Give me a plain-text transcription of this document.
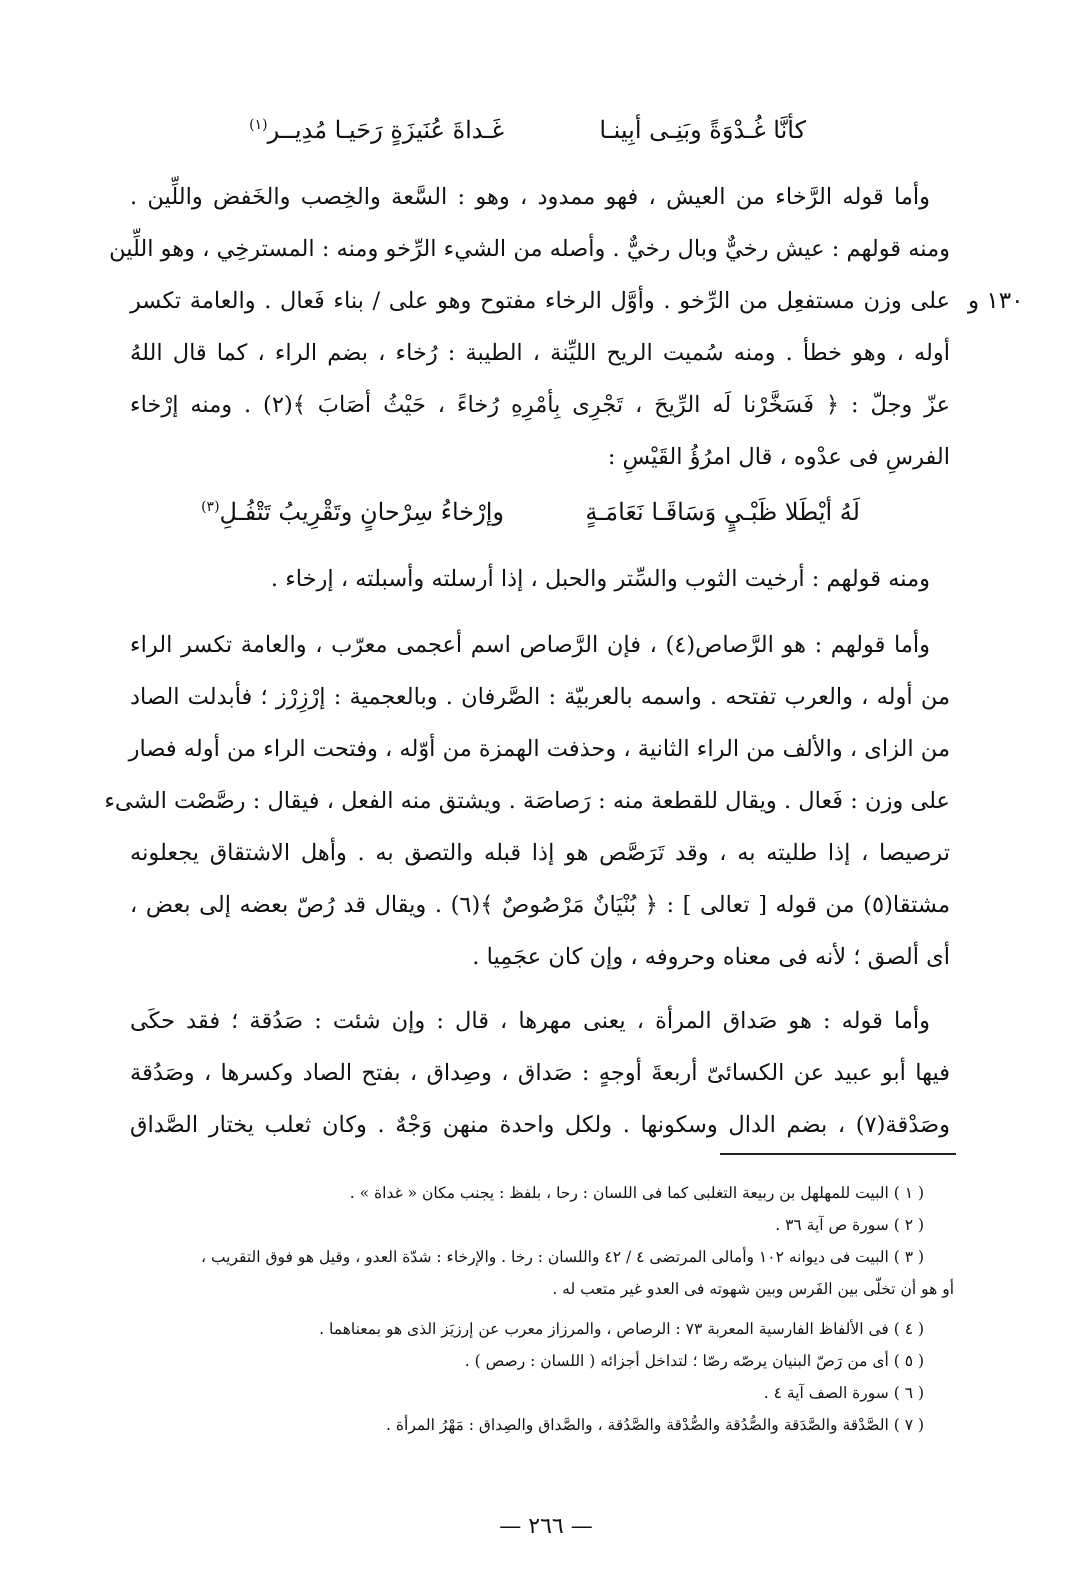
كأنَّا غُـدْوَةً وبَنِـى أبِينـا
غَـداةَ عُنَيزَةٍ رَحَيـا مُدِيــر$^{(١)}$
١٣٠ و
وأما قوله الرَّخاء من العيش ، فهو ممدود ، وهو : السَّعة والخِصب والخَفض واللِّين .
ومنه قولهم : عيش رخيٌّ وبال رخيٌّ . وأصله من الشيء الرِّخو ومنه : المسترخِي ، وهو اللِّين
على وزن مستفعِل من الرِّخو . وأوَّل الرخاء مفتوح وهو على / بناء فَعال . والعامة تكسر
أوله ، وهو خطأ . ومنه سُميت الريح الليِّنة ، الطيبة : رُخاء ، بضم الراء ، كما قال اللهُ
عزّ وجلّ : ﴿ فَسَخَّرْنا لَه الرِّيحَ ، تَجْرِى بِأمْرِهِ رُخاءً ، حَيْثُ أصَابَ ﴾(٢) . ومنه إرْخاء
الفرسِ فى عدْوه ، قال امرُؤُ القَيْسِ :
لَهُ أيْطَلا ظَبْـيٍ وَسَاقَـا نَعَامَـةٍ
وإرْخاءُ سِرْحانٍ وتَقْرِيبُ تَتْفُـلِ$^{(٣)}$
ومنه قولهم : أرخيت الثوب والسِّتر والحبل ، إذا أرسلته وأسبلته ، إرخاء .
وأما قولهم : هو الرَّصاص(٤) ، فإن الرَّصاص اسم أعجمى معرّب ، والعامة تكسر الراء
من أوله ، والعرب تفتحه . واسمه بالعربيّة : الصَّرفان . وبالعجمية : إرْزِرْز ؛ فأبدلت الصاد
من الزاى ، والألف من الراء الثانية ، وحذفت الهمزة من أوّله ، وفتحت الراء من أوله فصار
على وزن : فَعال . ويقال للقطعة منه : رَصاصَة . ويشتق منه الفعل ، فيقال : رصَّصْت الشىء
ترصيصا ، إذا طليته به ، وقد تَرَصَّص هو إذا قبله والتصق به . وأهل الاشتقاق يجعلونه
مشتقا(٥) من قوله [ تعالى ] : ﴿ بُنْيَانٌ مَرْصُوصٌ ﴾(٦) . ويقال قد رُصّ بعضه إلى بعض ،
أى ألصق ؛ لأنه فى معناه وحروفه ، وإن كان عجَمِيا .
وأما قوله : هو صَداق المرأة ، يعنى مهرها ، قال : وإن شئت : صَدُقة ؛ فقد حكَى
فيها أبو عبيد عن الكسائىّ أربعةَ أوجهٍ : صَداق ، وصِداق ، بفتح الصاد وكسرها ، وصَدُقة
وصَدْقة(٧) ، بضم الدال وسكونها . ولكل واحدة منهن وَجْهٌ . وكان ثعلب يختار الصَّداق
( ١ ) البيت للمهلهل بن ربيعة التغلبى كما فى اللسان : رحا ، بلفظ : يجنب مكان « غداة » .
( ٢ ) سورة ص آية ٣٦ .
( ٣ ) البيت فى ديوانه ١٠٢ وأمالى المرتضى ٤ / ٤٢ واللسان : رخا . والإرخاء : شدّة العدو ، وقيل هو فوق التقريب ،
أو هو أن تخلّى بين الفَرس وبين شهوته فى العدو غير متعب له .
( ٤ ) فى الألفاظ الفارسية المعربة ٧٣ : الرصاص ، والمرزاز معرب عن إرزيَز الذى هو بمعناهما .
( ٥ ) أى من رَصّ البنيان يرصّه رصّا ؛ لتداخل أجزائه ( اللسان : رصص ) .
( ٦ ) سورة الصف آية ٤ .
( ٧ ) الصَّدْقة والصَّدَقة والصُّدُقة والصُّدْقة والصَّدُقة ، والصَّداق والصِداق : مَهْرُ المرأة .
— ٢٦٦ —
